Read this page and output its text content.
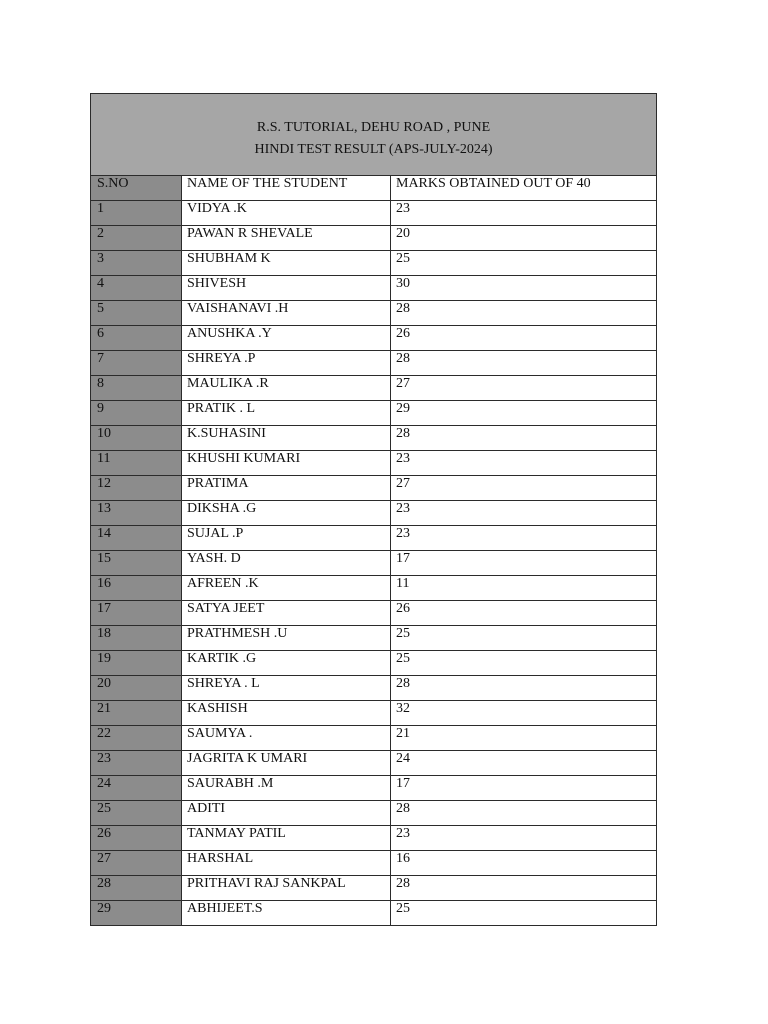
R.S. TUTORIAL, DEHU ROAD , PUNE
HINDI TEST RESULT (APS-JULY-2024)		

S.NO	NAME OF THE STUDENT	MARKS OBTAINED OUT OF 40
1	VIDYA .K	23
2	PAWAN R SHEVALE	20
3	SHUBHAM K	25
4	SHIVESH	30
5	VAISHANAVI .H	28
6	ANUSHKA .Y	26
7	SHREYA .P	28
8	MAULIKA .R	27
9	PRATIK . L	29
10	K.SUHASINI	28
11	KHUSHI KUMARI	23
12	PRATIMA	27
13	DIKSHA .G	23
14	SUJAL .P	23
15	YASH. D	17
16	AFREEN .K	11
17	SATYA JEET	26
18	PRATHMESH .U	25
19	KARTIK .G	25
20	SHREYA . L	28
21	KASHISH	32
22	SAUMYA .	21
23	JAGRITA K UMARI	24
24	SAURABH .M	17
25	ADITI	28
26	TANMAY PATIL	23
27	HARSHAL	16
28	PRITHAVI RAJ SANKPAL	28
29	ABHIJEET.S	25
